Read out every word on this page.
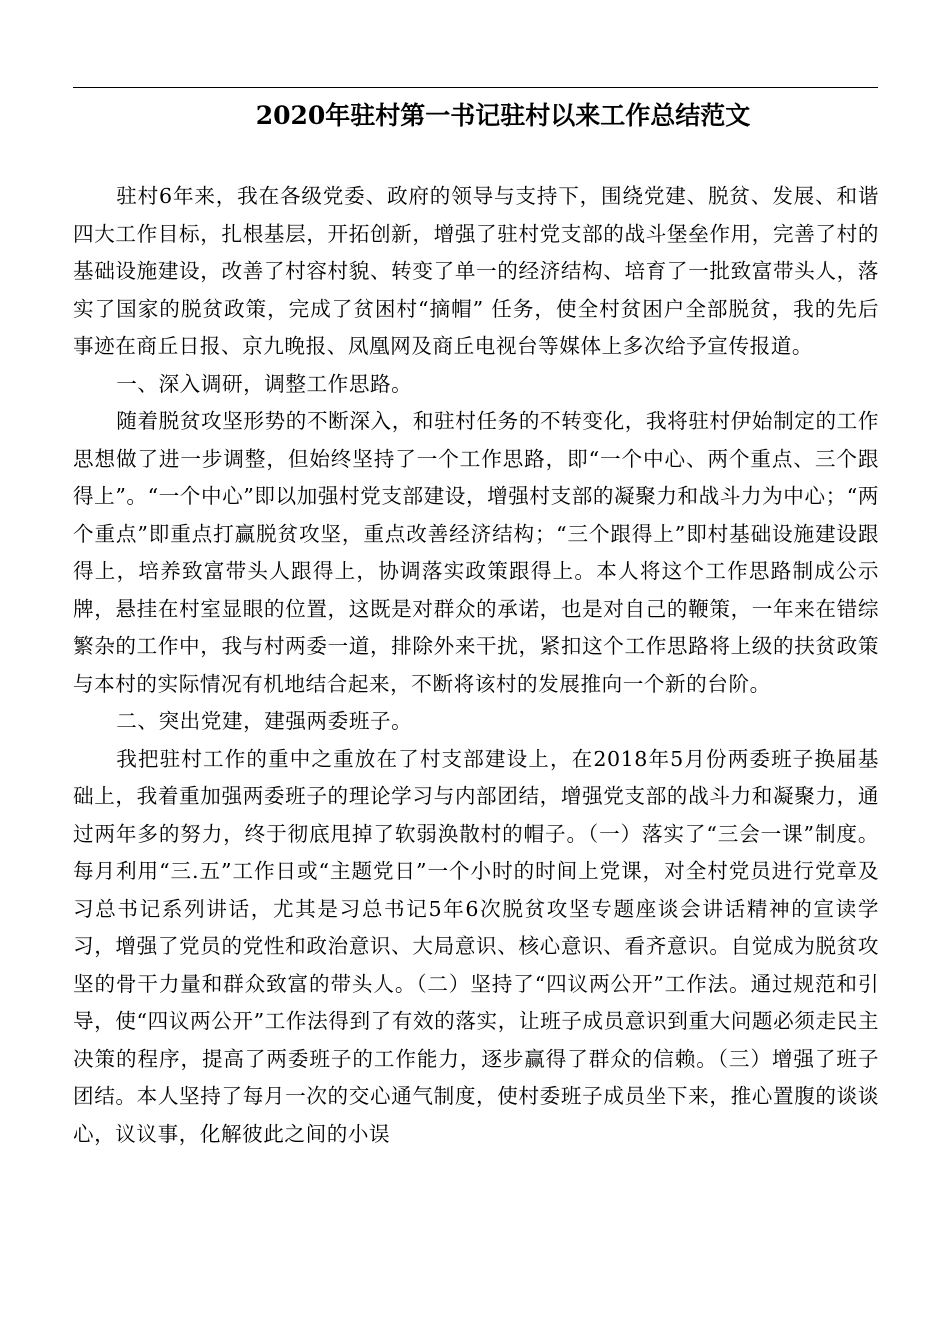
2020年驻村第一书记驻村以来工作总结范文

驻村6年来，我在各级党委、政府的领导与支持下，围绕党建、脱贫、发展、和谐四大工作目标，扎根基层，开拓创新，增强了驻村党支部的战斗堡垒作用，完善了村的基础设施建设，改善了村容村貌、转变了单一的经济结构、培育了一批致富带头人，落实了国家的脱贫政策，完成了贫困村“摘帽” 任务，使全村贫困户全部脱贫，我的先后事迹在商丘日报、京九晚报、凤凰网及商丘电视台等媒体上多次给予宣传报道。

一、深入调研，调整工作思路。

随着脱贫攻坚形势的不断深入，和驻村任务的不转变化，我将驻村伊始制定的工作思想做了进一步调整，但始终坚持了一个工作思路，即“一个中心、两个重点、三个跟得上”。“一个中心”即以加强村党支部建设，增强村支部的凝聚力和战斗力为中心；“两个重点”即重点打赢脱贫攻坚，重点改善经济结构；“三个跟得上”即村基础设施建设跟得上，培养致富带头人跟得上，协调落实政策跟得上。本人将这个工作思路制成公示牌，悬挂在村室显眼的位置，这既是对群众的承诺，也是对自己的鞭策，一年来在错综繁杂的工作中，我与村两委一道，排除外来干扰，紧扣这个工作思路将上级的扶贫政策与本村的实际情况有机地结合起来，不断将该村的发展推向一个新的台阶。

二、突出党建，建强两委班子。

我把驻村工作的重中之重放在了村支部建设上，在2018年5月份两委班子换届基础上，我着重加强两委班子的理论学习与内部团结，增强党支部的战斗力和凝聚力，通过两年多的努力，终于彻底甩掉了软弱涣散村的帽子。（一）落实了“三会一课”制度。每月利用“三.五”工作日或“主题党日”一个小时的时间上党课，对全村党员进行党章及习总书记系列讲话，尤其是习总书记5年6次脱贫攻坚专题座谈会讲话精神的宣读学习，增强了党员的党性和政治意识、大局意识、核心意识、看齐意识。自觉成为脱贫攻坚的骨干力量和群众致富的带头人。（二）坚持了“四议两公开”工作法。通过规范和引导，使“四议两公开”工作法得到了有效的落实，让班子成员意识到重大问题必须走民主决策的程序，提高了两委班子的工作能力，逐步赢得了群众的信赖。（三）增强了班子团结。本人坚持了每月一次的交心通气制度，使村委班子成员坐下来，推心置腹的谈谈心，议议事，化解彼此之间的小误
